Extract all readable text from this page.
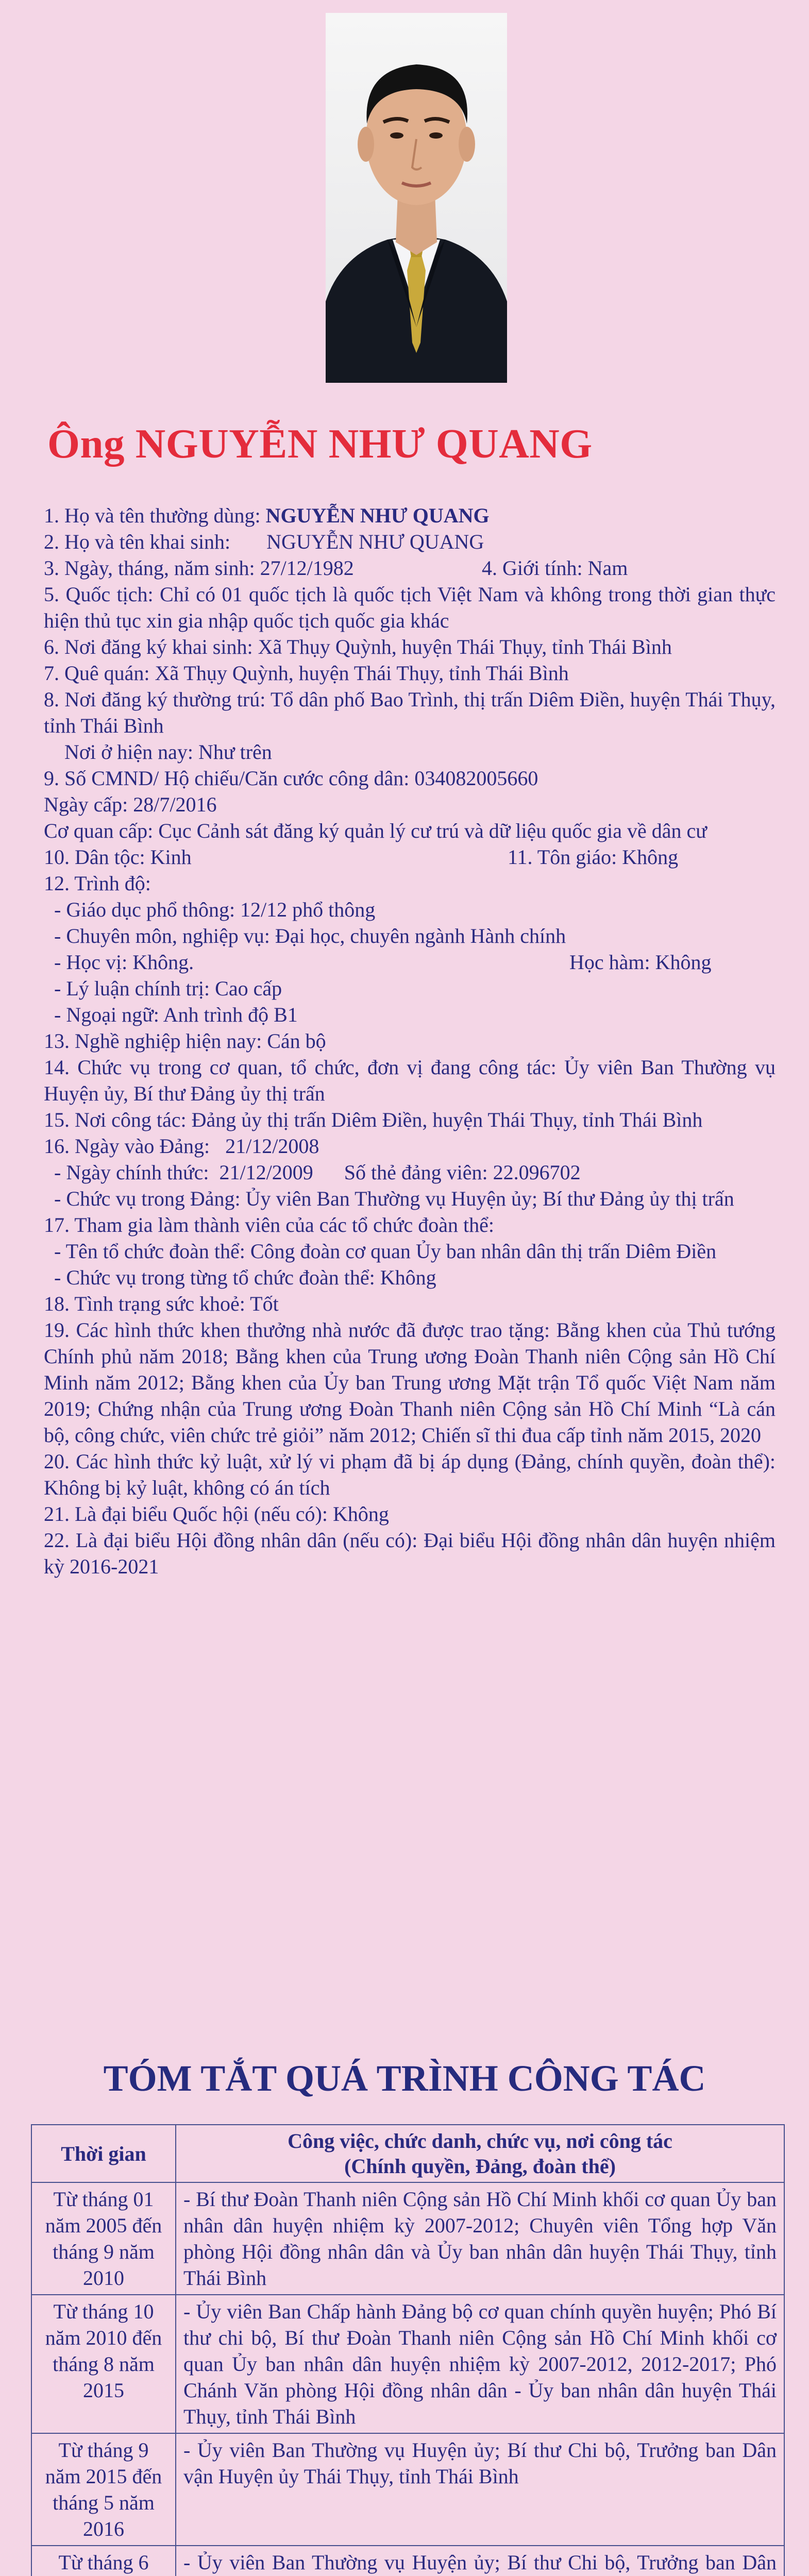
Ông NGUYỄN NHƯ QUANG

1. Họ và tên thường dùng: NGUYỄN NHƯ QUANG

2. Họ và tên khai sinh:       NGUYỄN NHƯ QUANG

3. Ngày, tháng, năm sinh: 27/12/1982	4. Giới tính: Nam

5. Quốc tịch: Chỉ có 01 quốc tịch là quốc tịch Việt Nam và không trong thời gian thực hiện thủ tục xin gia nhập quốc tịch quốc gia khác

6. Nơi đăng ký khai sinh: Xã Thụy Quỳnh, huyện Thái Thụy, tỉnh Thái Bình

7. Quê quán: Xã Thụy Quỳnh, huyện Thái Thụy, tỉnh Thái Bình

8. Nơi đăng ký thường trú: Tổ dân phố Bao Trình, thị trấn Diêm Điền, huyện Thái Thụy, tỉnh Thái Bình

Nơi ở hiện nay: Như trên

9. Số CMND/ Hộ chiếu/Căn cước công dân: 034082005660

Ngày cấp: 28/7/2016

Cơ quan cấp: Cục Cảnh sát đăng ký quản lý cư trú và dữ liệu quốc gia về dân cư

10. Dân tộc: Kinh	11. Tôn giáo: Không

12. Trình độ:

- Giáo dục phổ thông: 12/12 phổ thông

- Chuyên môn, nghiệp vụ: Đại học, chuyên ngành Hành chính

- Học vị: Không.	Học hàm: Không

- Lý luận chính trị: Cao cấp

- Ngoại ngữ: Anh trình độ B1

13. Nghề nghiệp hiện nay: Cán bộ

14. Chức vụ trong cơ quan, tổ chức, đơn vị đang công tác: Ủy viên Ban Thường vụ Huyện ủy, Bí thư Đảng ủy thị trấn

15. Nơi công tác: Đảng ủy thị trấn Diêm Điền, huyện Thái Thụy, tỉnh Thái Bình

16. Ngày vào Đảng:   21/12/2008

- Ngày chính thức:  21/12/2009      Số thẻ đảng viên: 22.096702

- Chức vụ trong Đảng: Ủy viên Ban Thường vụ Huyện ủy; Bí thư Đảng ủy thị trấn

17. Tham gia làm thành viên của các tổ chức đoàn thể:

- Tên tổ chức đoàn thể: Công đoàn cơ quan Ủy ban nhân dân thị trấn Diêm Điền

- Chức vụ trong từng tổ chức đoàn thể: Không

18. Tình trạng sức khoẻ: Tốt

19. Các hình thức khen thưởng nhà nước đã được trao tặng: Bằng khen của Thủ tướng Chính phủ năm 2018; Bằng khen của Trung ương Đoàn Thanh niên Cộng sản Hồ Chí Minh năm 2012; Bằng khen của Ủy ban Trung ương Mặt trận Tổ quốc Việt Nam năm 2019; Chứng nhận của Trung ương Đoàn Thanh niên Cộng sản Hồ Chí Minh “Là cán bộ, công chức, viên chức trẻ giỏi” năm 2012; Chiến sĩ thi đua cấp tỉnh năm 2015, 2020

20. Các hình thức kỷ luật, xử lý vi phạm đã bị áp dụng (Đảng, chính quyền, đoàn thể): Không bị kỷ luật, không có án tích

21. Là đại biểu Quốc hội (nếu có): Không

22. Là đại biểu Hội đồng nhân dân (nếu có): Đại biểu Hội đồng nhân dân huyện nhiệm kỳ 2016-2021

TÓM TẮT QUÁ TRÌNH CÔNG TÁC
Thời gian	Công việc, chức danh, chức vụ, nơi công tác
(Chính quyền, Đảng, đoàn thể)

Từ tháng 01 năm 2005 đến tháng 9 năm 2010	- Bí thư Đoàn Thanh niên Cộng sản Hồ Chí Minh khối cơ quan Ủy ban nhân dân huyện nhiệm kỳ 2007-2012; Chuyên viên Tổng hợp Văn phòng Hội đồng nhân dân và Ủy ban nhân dân huyện Thái Thụy, tỉnh Thái Bình
Từ tháng 10 năm 2010 đến tháng 8 năm 2015	- Ủy viên Ban Chấp hành Đảng bộ cơ quan chính quyền huyện; Phó Bí thư chi bộ, Bí thư Đoàn Thanh niên Cộng sản Hồ Chí Minh khối cơ quan Ủy ban nhân dân huyện nhiệm kỳ 2007-2012, 2012-2017; Phó Chánh Văn phòng Hội đồng nhân dân - Ủy ban nhân dân huyện Thái Thụy, tỉnh Thái Bình
Từ tháng 9 năm 2015 đến tháng 5 năm 2016	- Ủy viên Ban Thường vụ Huyện ủy; Bí thư Chi bộ, Trưởng ban Dân vận Huyện ủy Thái Thụy, tỉnh Thái Bình
Từ tháng 6	- Ủy viên Ban Thường vụ Huyện ủy; Bí thư Chi bộ, Trưởng ban Dân
